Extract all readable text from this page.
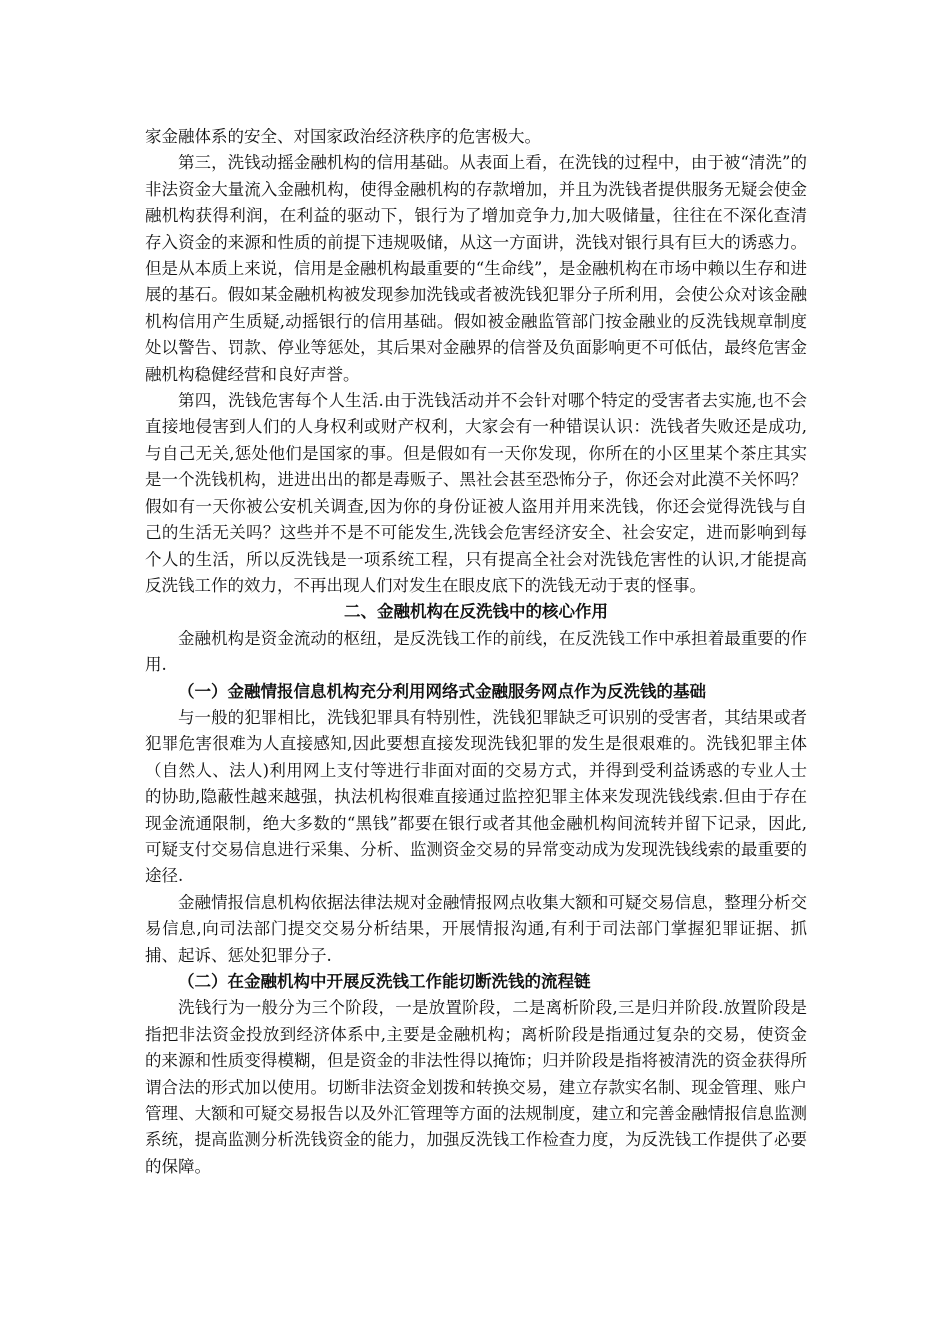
家金融体系的安全、对国家政治经济秩序的危害极大。

第三，洗钱动摇金融机构的信用基础。从表面上看，在洗钱的过程中，由于被“清洗”的非法资金大量流入金融机构，使得金融机构的存款增加，并且为洗钱者提供服务无疑会使金融机构获得利润，在利益的驱动下，银行为了增加竞争力,加大吸储量，往往在不深化查清存入资金的来源和性质的前提下违规吸储，从这一方面讲，洗钱对银行具有巨大的诱惑力。但是从本质上来说，信用是金融机构最重要的“生命线”，是金融机构在市场中赖以生存和进展的基石。假如某金融机构被发现参加洗钱或者被洗钱犯罪分子所利用，会使公众对该金融机构信用产生质疑,动摇银行的信用基础。假如被金融监管部门按金融业的反洗钱规章制度处以警告、罚款、停业等惩处，其后果对金融界的信誉及负面影响更不可低估，最终危害金融机构稳健经营和良好声誉。

第四，洗钱危害每个人生活.由于洗钱活动并不会针对哪个特定的受害者去实施,也不会直接地侵害到人们的人身权利或财产权利，大家会有一种错误认识：洗钱者失败还是成功,与自己无关,惩处他们是国家的事。但是假如有一天你发现，你所在的小区里某个茶庄其实是一个洗钱机构，进进出出的都是毒贩子、黑社会甚至恐怖分子，你还会对此漠不关怀吗？假如有一天你被公安机关调查,因为你的身份证被人盗用并用来洗钱，你还会觉得洗钱与自己的生活无关吗？这些并不是不可能发生,洗钱会危害经济安全、社会安定，进而影响到每个人的生活，所以反洗钱是一项系统工程，只有提高全社会对洗钱危害性的认识,才能提高反洗钱工作的效力，不再出现人们对发生在眼皮底下的洗钱无动于衷的怪事。

二、金融机构在反洗钱中的核心作用

金融机构是资金流动的枢纽，是反洗钱工作的前线，在反洗钱工作中承担着最重要的作用.

（一）金融情报信息机构充分利用网络式金融服务网点作为反洗钱的基础

与一般的犯罪相比，洗钱犯罪具有特别性，洗钱犯罪缺乏可识别的受害者，其结果或者犯罪危害很难为人直接感知,因此要想直接发现洗钱犯罪的发生是很艰难的。洗钱犯罪主体（自然人、法人)利用网上支付等进行非面对面的交易方式，并得到受利益诱惑的专业人士的协助,隐蔽性越来越强，执法机构很难直接通过监控犯罪主体来发现洗钱线索.但由于存在现金流通限制，绝大多数的“黑钱”都要在银行或者其他金融机构间流转并留下记录，因此,可疑支付交易信息进行采集、分析、监测资金交易的异常变动成为发现洗钱线索的最重要的途径.

金融情报信息机构依据法律法规对金融情报网点收集大额和可疑交易信息，整理分析交易信息,向司法部门提交交易分析结果，开展情报沟通,有利于司法部门掌握犯罪证据、抓捕、起诉、惩处犯罪分子.

（二）在金融机构中开展反洗钱工作能切断洗钱的流程链

洗钱行为一般分为三个阶段，一是放置阶段，二是离析阶段,三是归并阶段.放置阶段是指把非法资金投放到经济体系中,主要是金融机构；离析阶段是指通过复杂的交易，使资金的来源和性质变得模糊，但是资金的非法性得以掩饰；归并阶段是指将被清洗的资金获得所谓合法的形式加以使用。切断非法资金划拨和转换交易，建立存款实名制、现金管理、账户管理、大额和可疑交易报告以及外汇管理等方面的法规制度，建立和完善金融情报信息监测系统，提高监测分析洗钱资金的能力，加强反洗钱工作检查力度，为反洗钱工作提供了必要的保障。
